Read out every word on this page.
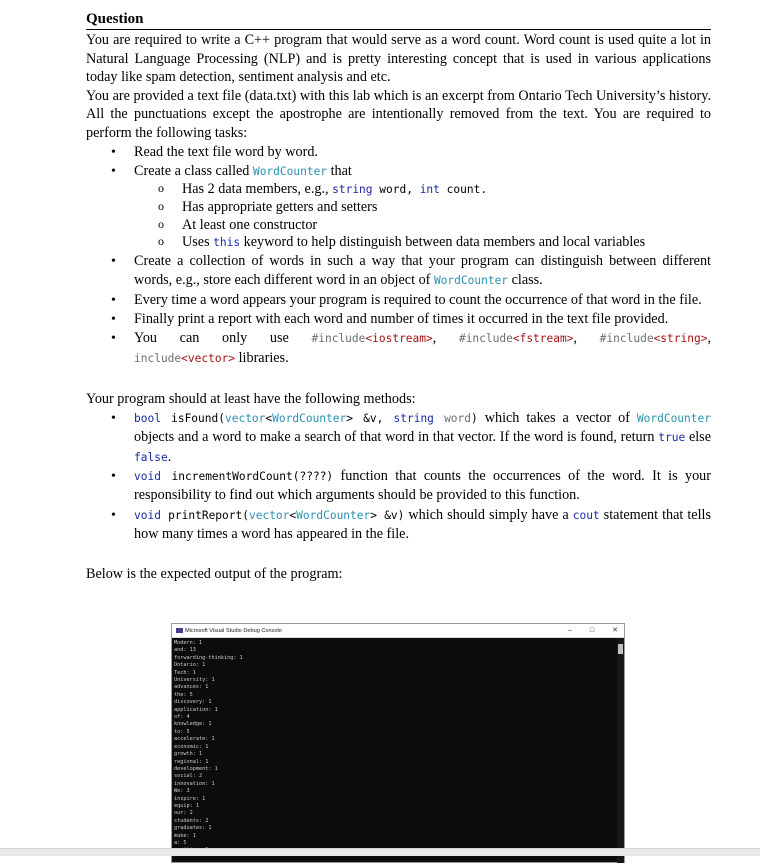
Question
You are required to write a C++ program that would serve as a word count. Word count is used quite a lot in Natural Language Processing (NLP) and is pretty interesting concept that is used in various applications today like spam detection, sentiment analysis and etc.
You are provided a text file (data.txt) with this lab which is an excerpt from Ontario Tech University’s history. All the punctuations except the apostrophe are intentionally removed from the text. You are required to perform the following tasks:
• Read the text file word by word.
• Create a class called WordCounter that
o Has 2 data members, e.g., string word, int count.
o Has appropriate getters and setters
o At least one constructor
o Uses this keyword to help distinguish between data members and local variables
• Create a collection of words in such a way that your program can distinguish between different words, e.g., store each different word in an object of WordCounter class.
• Every time a word appears your program is required to count the occurrence of that word in the file.
• Finally print a report with each word and number of times it occurred in the text file provided.
• You can only use #include<iostream>, #include<fstream>, #include<string>,
include<vector> libraries.
Your program should at least have the following methods:
• bool isFound(vector<WordCounter> &v, string word) which takes a vector of WordCounter objects and a word to make a search of that word in that vector. If the word is found, return true else false.
• void incrementWordCount(????) function that counts the occurrences of the word. It is your responsibility to find out which arguments should be provided to this function.
• void printReport(vector<WordCounter> &v) which should simply have a cout statement that tells how many times a word has appeared in the file.
Below is the expected output of the program:
Microsoft Visual Studio Debug Console	–	□	✕
Modern: 1
and: 13
forwarding-thinking: 1
Ontario: 1
Tech: 1
University: 1
advances: 1
the: 5
discovery: 1
application: 1
of: 4
knowledge: 1
to: 5
accelerate: 1
economic: 1
growth: 1
regional: 1
development: 1
social: 2
innovation: 1
We: 3
inspire: 1
equip: 1
our: 2
students: 2
graduates: 1
make: 1
a: 5
